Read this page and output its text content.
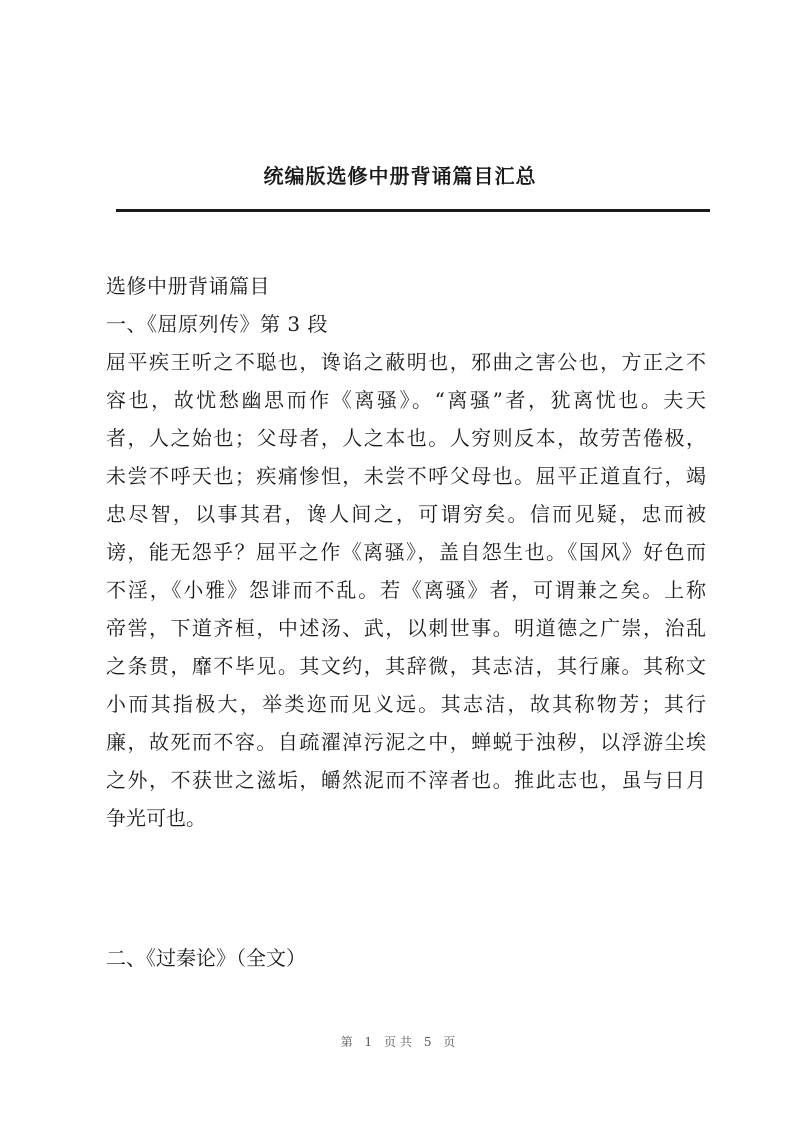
统编版选修中册背诵篇目汇总
选修中册背诵篇目
一、《屈原列传》第 3 段
屈平疾王听之不聪也，谗谄之蔽明也，邪曲之害公也，方正之不
容也，故忧愁幽思而作《离骚》。“离骚”者，犹离忧也。夫天
者，人之始也；父母者，人之本也。人穷则反本，故劳苦倦极，
未尝不呼天也；疾痛惨怛，未尝不呼父母也。屈平正道直行，竭
忠尽智，以事其君，谗人间之，可谓穷矣。信而见疑，忠而被
谤，能无怨乎？屈平之作《离骚》，盖自怨生也。《国风》好色而
不淫，《小雅》怨诽而不乱。若《离骚》者，可谓兼之矣。上称
帝喾，下道齐桓，中述汤、武，以刺世事。明道德之广崇，治乱
之条贯，靡不毕见。其文约，其辞微，其志洁，其行廉。其称文
小而其指极大，举类迩而见义远。其志洁，故其称物芳；其行
廉，故死而不容。自疏濯淖污泥之中，蝉蜕于浊秽，以浮游尘埃
之外，不获世之滋垢，皭然泥而不滓者也。推此志也，虽与日月
争光可也。
二、《过秦论》（全文）
第 1 页共 5 页
